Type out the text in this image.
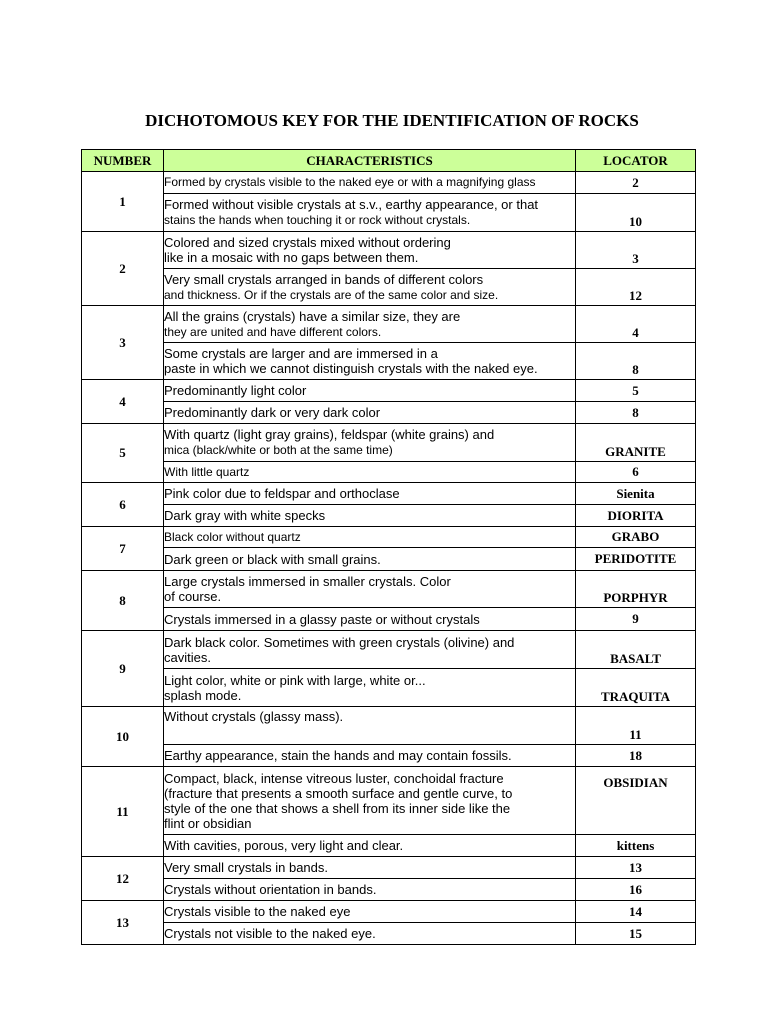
DICHOTOMOUS KEY FOR THE IDENTIFICATION OF ROCKS
NUMBER	CHARACTERISTICS	LOCATOR
1	Formed by crystals visible to the naked eye or with a magnifying glass	2
	Formed without visible crystals at s.v., earthy appearance, or that
stains the hands when touching it or rock without crystals.	10
2	Colored and sized crystals mixed without ordering
like in a mosaic with no gaps between them.	3
	Very small crystals arranged in bands of different colors
and thickness. Or if the crystals are of the same color and size.	12
3	All the grains (crystals) have a similar size, they are
they are united and have different colors.	4
	Some crystals are larger and are immersed in a
paste in which we cannot distinguish crystals with the naked eye.	8
4	Predominantly light color	5
	Predominantly dark or very dark color	8
5	With quartz (light gray grains), feldspar (white grains) and
mica (black/white or both at the same time)	GRANITE
	With little quartz	6
6	Pink color due to feldspar and orthoclase	Sienita
	Dark gray with white specks	DIORITA
7	Black color without quartz	GRABO
	Dark green or black with small grains.	PERIDOTITE
8	Large crystals immersed in smaller crystals. Color
of course.	PORPHYR
	Crystals immersed in a glassy paste or without crystals	9
9	Dark black color. Sometimes with green crystals (olivine) and
cavities.	BASALT
	Light color, white or pink with large, white or...
splash mode.	TRAQUITA
10	Without crystals (glassy mass).	11
	Earthy appearance, stain the hands and may contain fossils.	18
11	Compact, black, intense vitreous luster, conchoidal fracture
(fracture that presents a smooth surface and gentle curve, to
style of the one that shows a shell from its inner side like the
flint or obsidian	OBSIDIAN
	With cavities, porous, very light and clear.	kittens
12	Very small crystals in bands.	13
	Crystals without orientation in bands.	16
13	Crystals visible to the naked eye	14
	Crystals not visible to the naked eye.	15
